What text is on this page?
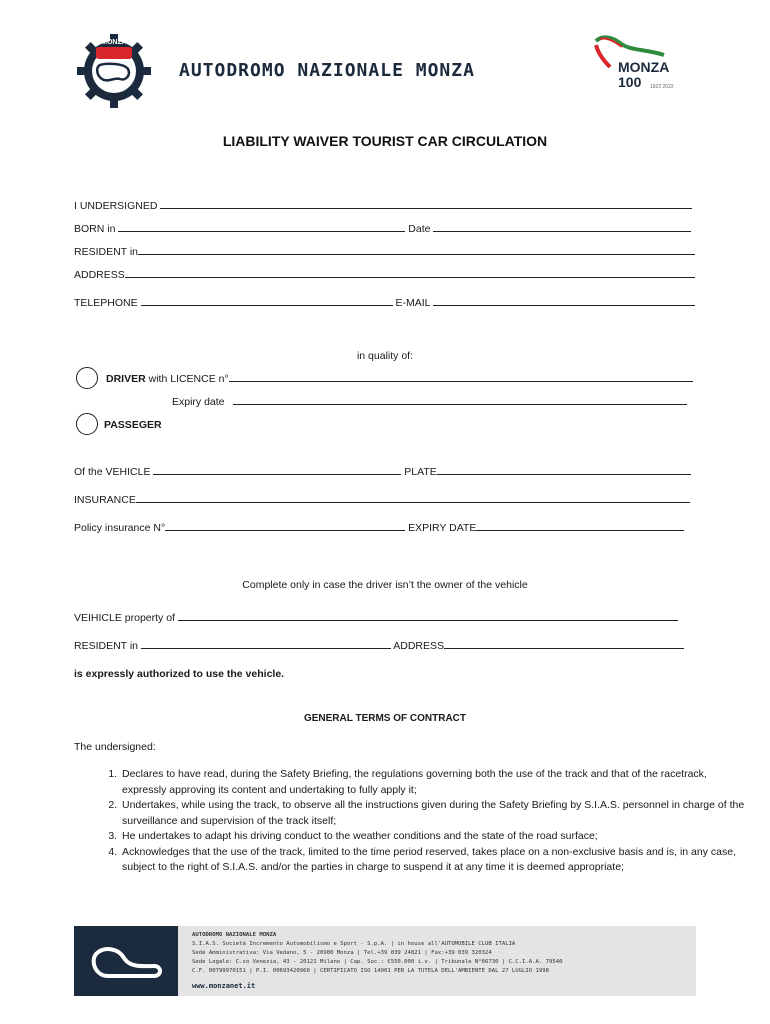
MONZA
AUTODROMO NAZIONALE MONZA	MONZA 100	1922 2022
LIABILITY WAIVER TOURIST CAR CIRCULATION
I UNDERSIGNED
BORN in	Date
RESIDENT in
ADDRESS
TELEPHONE	E-MAIL
in quality of:
DRIVER with LICENCE n°
Expiry date
PASSEGER
Of the VEHICLE	PLATE
INSURANCE
Policy insurance N°	EXPIRY DATE
Complete only in case the driver isn’t the owner of the vehicle
VEIHICLE property of
RESIDENT in	ADDRESS
is expressly authorized to use the vehicle.
GENERAL TERMS OF CONTRACT
The undersigned:
1. Declares to have read, during the Safety Briefing, the regulations governing both the use of the track and that of the racetrack, expressly approving its content and undertaking to fully apply it;
2. Undertakes, while using the track, to observe all the instructions given during the Safety Briefing by S.I.A.S. personnel in charge of the surveillance and supervision of the track itself;
3. He undertakes to adapt his driving conduct to the weather conditions and the state of the road surface;
4. Acknowledges that the use of the track, limited to the time period reserved, takes place on a non-exclusive basis and is, in any case, subject to the right of S.I.A.S. and/or the parties in charge to suspend it at any time it is deemed appropriate;
AUTODROMO NAZIONALE MONZA
S.I.A.S. Società Incremento Automobilismo e Sport - S.p.A. | in house all'AUTOMOBILE CLUB ITALIA
Sede Amministrativa: Via Vedano, 5 - 20900 Monza | Tel.+39 039 24821 | Fax:+39 039 320324
Sede Legale: C.so Venezia, 43 - 20121 Milano | Cap. Soc.: €550.000 i.v. | Tribunale N°66730 | C.C.I.A.A. 79540
C.F. 00799970151 | P.I. 00693420960 | CERTIFICATO ISO 14001 PER LA TUTELA DELL'AMBIENTE DAL 27 LUGLIO 1998
www.monzanet.it
